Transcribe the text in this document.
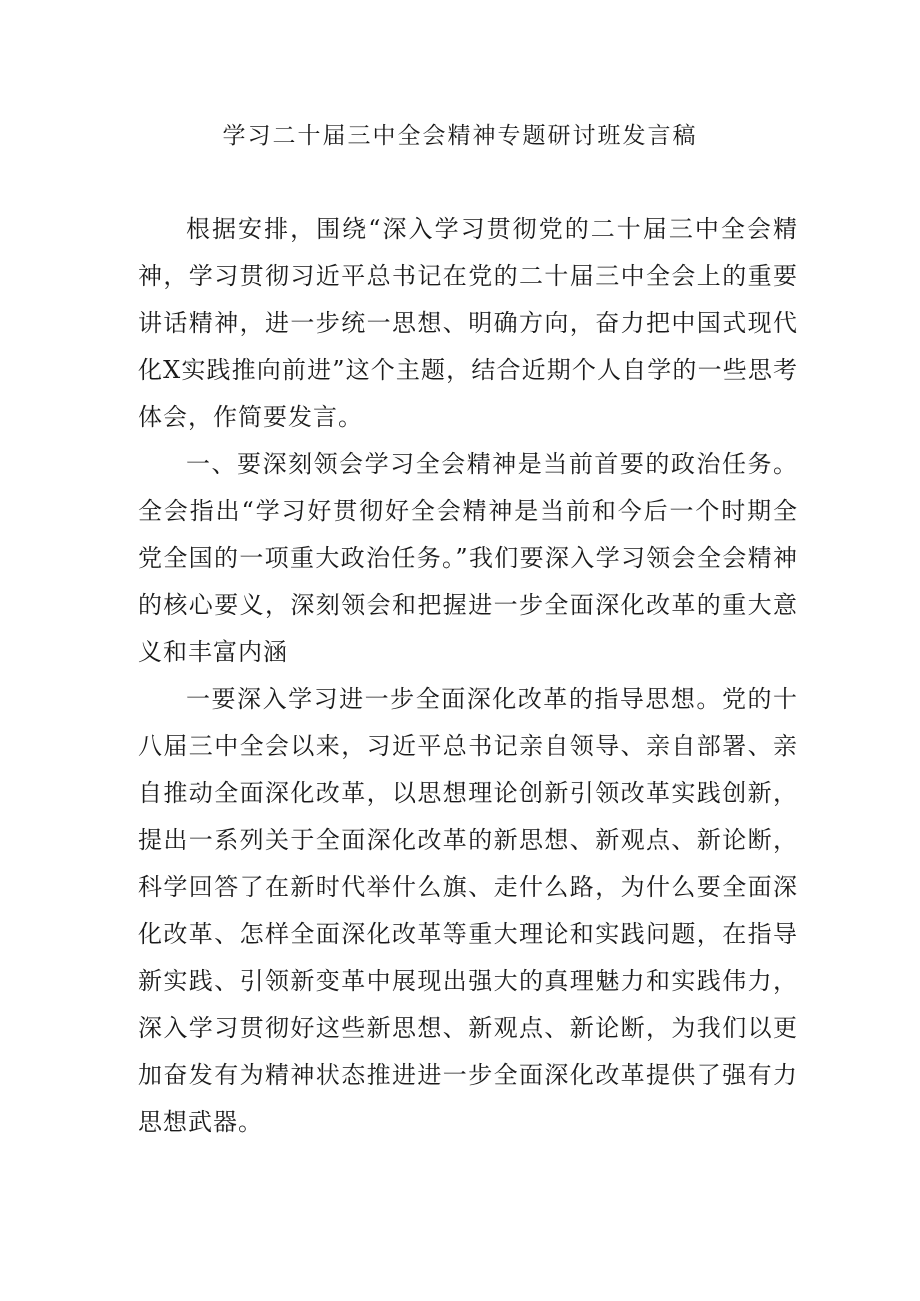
学习二十届三中全会精神专题研讨班发言稿

根据安排，围绕“深入学习贯彻党的二十届三中全会精神，学习贯彻习近平总书记在党的二十届三中全会上的重要讲话精神，进一步统一思想、明确方向，奋力把中国式现代化X实践推向前进”这个主题，结合近期个人自学的一些思考体会，作简要发言。

一、要深刻领会学习全会精神是当前首要的政治任务。全会指出“学习好贯彻好全会精神是当前和今后一个时期全党全国的一项重大政治任务。”我们要深入学习领会全会精神的核心要义，深刻领会和把握进一步全面深化改革的重大意义和丰富内涵

一要深入学习进一步全面深化改革的指导思想。党的十八届三中全会以来，习近平总书记亲自领导、亲自部署、亲自推动全面深化改革，以思想理论创新引领改革实践创新，提出一系列关于全面深化改革的新思想、新观点、新论断，科学回答了在新时代举什么旗、走什么路，为什么要全面深化改革、怎样全面深化改革等重大理论和实践问题，在指导新实践、引领新变革中展现出强大的真理魅力和实践伟力，深入学习贯彻好这些新思想、新观点、新论断，为我们以更加奋发有为精神状态推进进一步全面深化改革提供了强有力思想武器。
